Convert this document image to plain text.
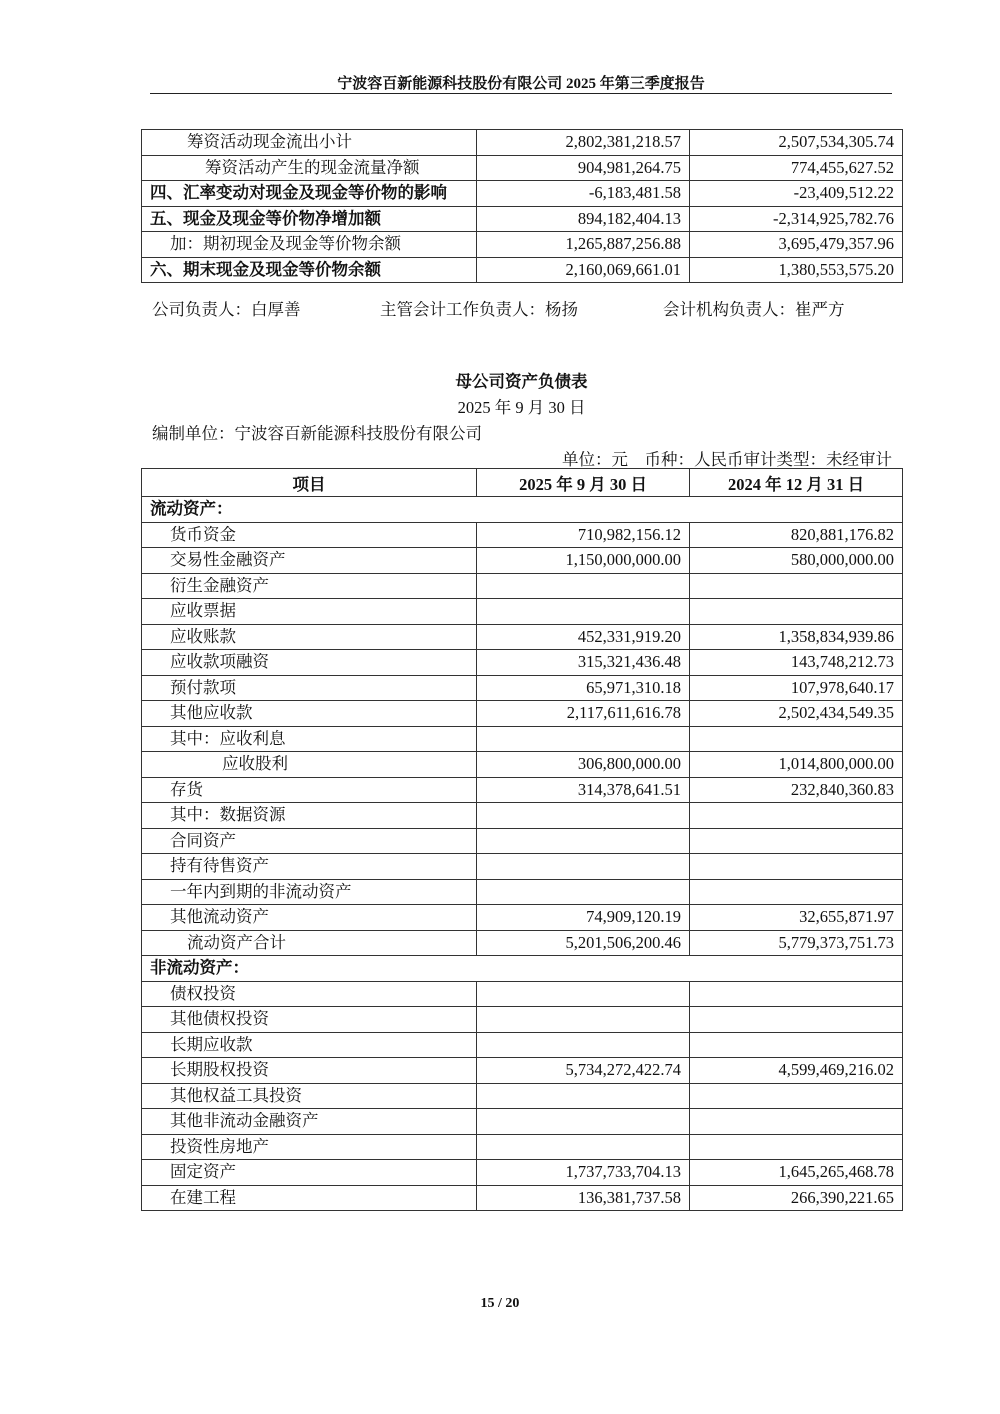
宁波容百新能源科技股份有限公司 2025 年第三季度报告
筹资活动现金流出小计	2,802,381,218.57	2,507,534,305.74
筹资活动产生的现金流量净额	904,981,264.75	774,455,627.52
四、汇率变动对现金及现金等价物的影响	-6,183,481.58	-23,409,512.22
五、现金及现金等价物净增加额	894,182,404.13	-2,314,925,782.76
加：期初现金及现金等价物余额	1,265,887,256.88	3,695,479,357.96
六、期末现金及现金等价物余额	2,160,069,661.01	1,380,553,575.20
公司负责人：白厚善	主管会计工作负责人：杨扬	会计机构负责人：崔严方
母公司资产负债表
2025 年 9 月 30 日
编制单位：宁波容百新能源科技股份有限公司
单位：元　币种：人民币审计类型：未经审计
项目	2025 年 9 月 30 日	2024 年 12 月 31 日
流动资产：		
货币资金	710,982,156.12	820,881,176.82
交易性金融资产	1,150,000,000.00	580,000,000.00
衍生金融资产		
应收票据		
应收账款	452,331,919.20	1,358,834,939.86
应收款项融资	315,321,436.48	143,748,212.73
预付款项	65,971,310.18	107,978,640.17
其他应收款	2,117,611,616.78	2,502,434,549.35
其中：应收利息		
应收股利	306,800,000.00	1,014,800,000.00
存货	314,378,641.51	232,840,360.83
其中：数据资源		
合同资产		
持有待售资产		
一年内到期的非流动资产		
其他流动资产	74,909,120.19	32,655,871.97
流动资产合计	5,201,506,200.46	5,779,373,751.73
非流动资产：		
债权投资		
其他债权投资		
长期应收款		
长期股权投资	5,734,272,422.74	4,599,469,216.02
其他权益工具投资		
其他非流动金融资产		
投资性房地产		
固定资产	1,737,733,704.13	1,645,265,468.78
在建工程	136,381,737.58	266,390,221.65
15 / 20
